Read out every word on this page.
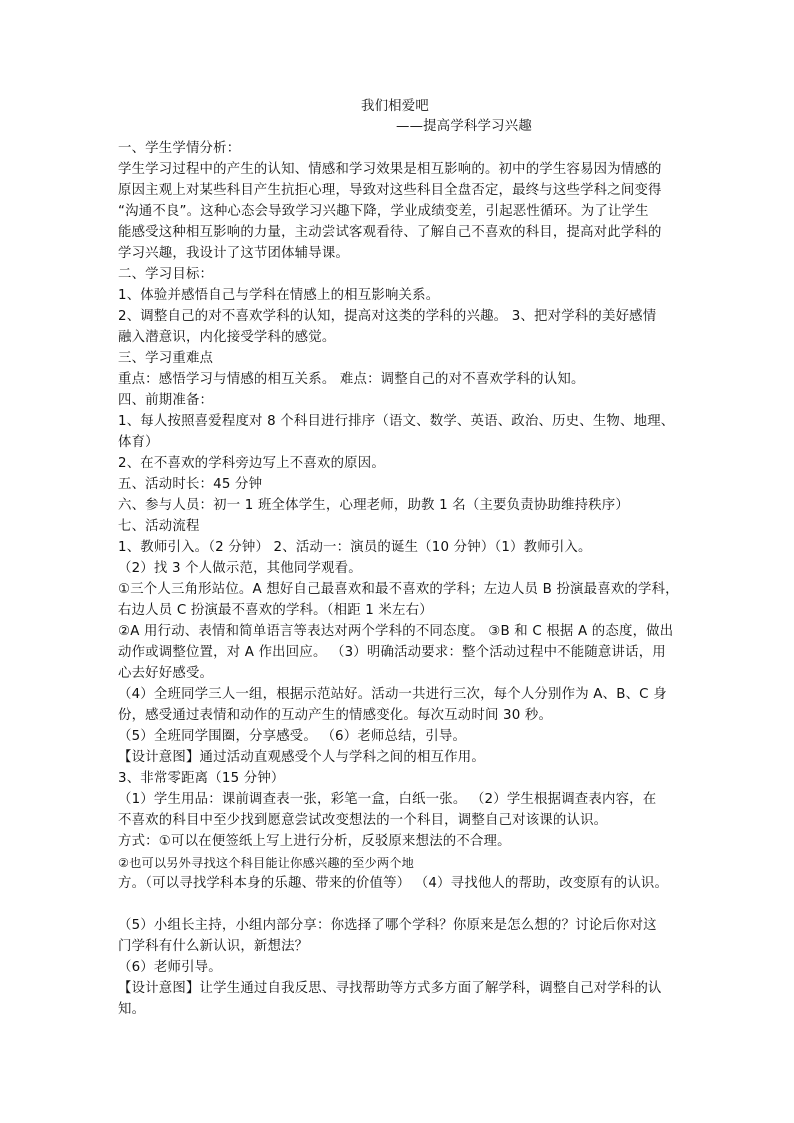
我们相爱吧
——提高学科学习兴趣
一、学生学情分析：
学生学习过程中的产生的认知、情感和学习效果是相互影响的。初中的学生容易因为情感的
原因主观上对某些科目产生抗拒心理，导致对这些科目全盘否定，最终与这些学科之间变得
“沟通不良”。这种心态会导致学习兴趣下降，学业成绩变差，引起恶性循环。为了让学生
能感受这种相互影响的力量，主动尝试客观看待、了解自己不喜欢的科目，提高对此学科的
学习兴趣，我设计了这节团体辅导课。
二、学习目标：
1、体验并感悟自己与学科在情感上的相互影响关系。
2、调整自己的对不喜欢学科的认知，提高对这类的学科的兴趣。 3、把对学科的美好感情
融入潜意识，内化接受学科的感觉。
三、学习重难点
重点：感悟学习与情感的相互关系。 难点：调整自己的对不喜欢学科的认知。
四、前期准备：
1、每人按照喜爱程度对 8 个科目进行排序（语文、数学、英语、政治、历史、生物、地理、
体育）
2、在不喜欢的学科旁边写上不喜欢的原因。
五、活动时长：45 分钟
六、参与人员：初一 1 班全体学生，心理老师，助教 1 名（主要负责协助维持秩序）
七、活动流程
1、教师引入。（2 分钟） 2、活动一：演员的诞生（10 分钟）（1）教师引入。
（2）找 3 个人做示范，其他同学观看。
①三个人三角形站位。A 想好自己最喜欢和最不喜欢的学科；左边人员 B 扮演最喜欢的学科，
右边人员 C 扮演最不喜欢的学科。（相距 1 米左右）
②A 用行动、表情和简单语言等表达对两个学科的不同态度。 ③B 和 C 根据 A 的态度，做出
动作或调整位置，对 A 作出回应。 （3）明确活动要求：整个活动过程中不能随意讲话，用
心去好好感受。
（4）全班同学三人一组，根据示范站好。活动一共进行三次，每个人分别作为 A、B、C 身
份，感受通过表情和动作的互动产生的情感变化。每次互动时间 30 秒。
（5）全班同学围圈，分享感受。 （6）老师总结，引导。
【设计意图】通过活动直观感受个人与学科之间的相互作用。
3、非常零距离（15 分钟）
（1）学生用品：课前调查表一张，彩笔一盒，白纸一张。 （2）学生根据调查表内容，在
不喜欢的科目中至少找到愿意尝试改变想法的一个科目，调整自己对该课的认识。
方式：①可以在便签纸上写上进行分析，反驳原来想法的不合理。
②也可以另外寻找这个科目能让你感兴趣的至少两个地
方。（可以寻找学科本身的乐趣、带来的价值等） （4）寻找他人的帮助，改变原有的认识。
（5）小组长主持，小组内部分享：你选择了哪个学科？你原来是怎么想的？讨论后你对这
门学科有什么新认识，新想法？
（6）老师引导。
【设计意图】让学生通过自我反思、寻找帮助等方式多方面了解学科，调整自己对学科的认
知。
